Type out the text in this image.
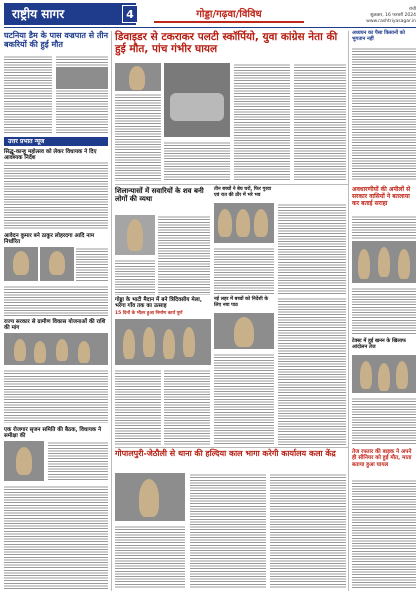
राष्ट्रीय सागर	4	गोड्डा/गढ़वा/विविध	रांची
शुक्रवार, 16 फरवरी 2024
www.rashtriyasagar.in
घटनिया डैम के पास वज्रपात से तीन बकरियों की हुई मौत
उत्तर प्रभात न्यूज
सिद्धू-कान्हू महोत्सव को लेकर विधायक ने दिए आवश्यक निर्देश
आवेदन कुमार बने ठाकुर लोहरदगा आदि नाम निर्धारित
राज्य सरकार से ग्रामीण विकास योजनाओं की राशि की मांग
एक रोजगार सृजन समिति की बैठक, विधायक ने समीक्षा की
डिवाइडर से टकराकर पलटी स्कॉर्पियो, युवा कांग्रेस नेता की हुई मौत, पांच गंभीर घायल
अध्ययन का पैसा किसानों को भुगतान नहीं
शिलान्यासों में सवारियों के शव बनी लोगों की व्यथा
तीन बच्चों ने बेघ घरों, फिर गुरवा एवं रात की ठौर में भरे भव
गोड्डा के भाटी मैदान में बने त्रिदिवसीय मेला, भरेगा गाँव तक का उत्साह
15 दिनों के भीतर हुआ निर्माण कार्य पूर्ण
नई लहर में बच्चों को निर्देशी के लिए नया पाठ
गोपालपुरी-जेठौली से थाना की हल्दिया काल भागा करेगी कार्यालय कला केंद्र
अवधारणीयों की अपीलों से सरकार वासियों ने बतलाया कर बताई सराहा
टेक्स्ट में हुई खनन के खिलाफ आंदोलन तेज
तेज रफ्तार की बाइक ने अपने ही सीनियर को हुई मौत, माता बताया हुआ घायल
